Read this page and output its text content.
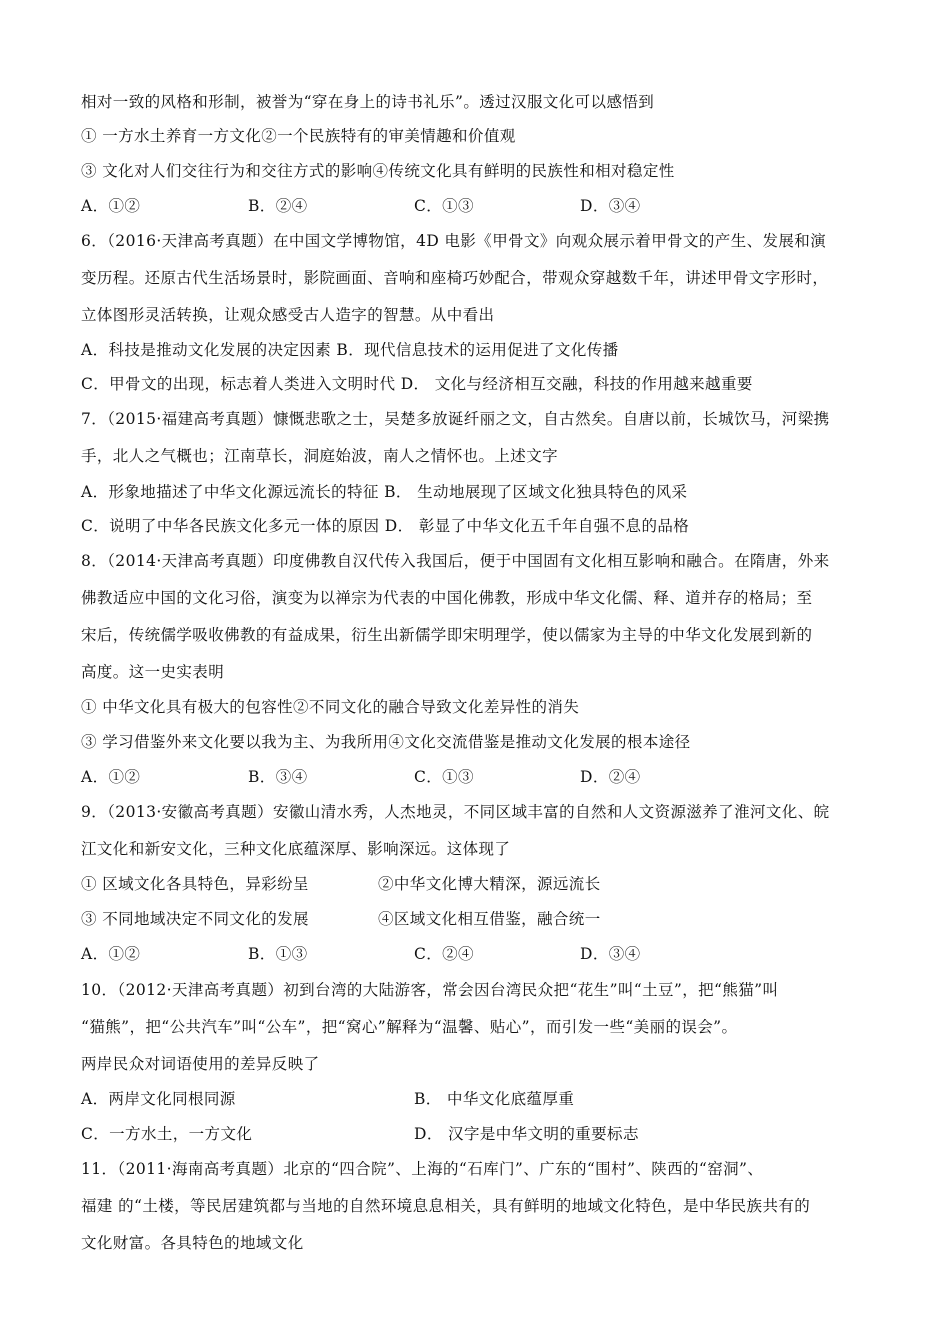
相对一致的风格和形制，被誉为“穿在身上的诗书礼乐”。透过汉服文化可以感悟到
① 一方水土养育一方文化②一个民族特有的审美情趣和价值观
③ 文化对人们交往行为和交往方式的影响④传统文化具有鲜明的民族性和相对稳定性
A．①②	B．②④	C．①③	D．③④
6．（2016·天津高考真题）在中国文学博物馆，4D 电影《甲骨文》向观众展示着甲骨文的产生、发展和演
变历程。还原古代生活场景时，影院画面、音响和座椅巧妙配合，带观众穿越数千年，讲述甲骨文字形时，
立体图形灵活转换，让观众感受古人造字的智慧。从中看出
A．科技是推动文化发展的决定因素 B．现代信息技术的运用促进了文化传播
C．甲骨文的出现，标志着人类进入文明时代 D． 文化与经济相互交融，科技的作用越来越重要
7．（2015·福建高考真题）慷慨悲歌之士，吴楚多放诞纤丽之文，自古然矣。自唐以前，长城饮马，河梁携
手，北人之气概也；江南草长，洞庭始波，南人之情怀也。上述文字
A．形象地描述了中华文化源远流长的特征 B． 生动地展现了区域文化独具特色的风采
C．说明了中华各民族文化多元一体的原因 D． 彰显了中华文化五千年自强不息的品格
8．（2014·天津高考真题）印度佛教自汉代传入我国后，便于中国固有文化相互影响和融合。在隋唐，外来
佛教适应中国的文化习俗，演变为以禅宗为代表的中国化佛教，形成中华文化儒、释、道并存的格局；至
宋后，传统儒学吸收佛教的有益成果，衍生出新儒学即宋明理学，使以儒家为主导的中华文化发展到新的
高度。这一史实表明
① 中华文化具有极大的包容性②不同文化的融合导致文化差异性的消失
③ 学习借鉴外来文化要以我为主、为我所用④文化交流借鉴是推动文化发展的根本途径
A．①②	B．③④	C．①③	D．②④
9．（2013·安徽高考真题）安徽山清水秀，人杰地灵，不同区域丰富的自然和人文资源滋养了淮河文化、皖
江文化和新安文化，三种文化底蕴深厚、影响深远。这体现了
① 区域文化各具特色，异彩纷呈	②中华文化博大精深，源远流长
③ 不同地域决定不同文化的发展	④区域文化相互借鉴，融合统一
A．①②	B．①③	C．②④	D．③④
10．（2012·天津高考真题）初到台湾的大陆游客，常会因台湾民众把“花生”叫“土豆”，把“熊猫”叫
“猫熊”，把“公共汽车”叫“公车”，把“窝心”解释为“温馨、贴心”，而引发一些“美丽的误会”。
两岸民众对词语使用的差异反映了
A．两岸文化同根同源	B． 中华文化底蕴厚重
C．一方水土，一方文化	D． 汉字是中华文明的重要标志
11．（2011·海南高考真题）北京的“四合院”、上海的“石库门”、广东的“围村”、陕西的“窑洞”、
福建 的“土楼，等民居建筑都与当地的自然环境息息相关，具有鲜明的地域文化特色，是中华民族共有的
文化财富。各具特色的地域文化
